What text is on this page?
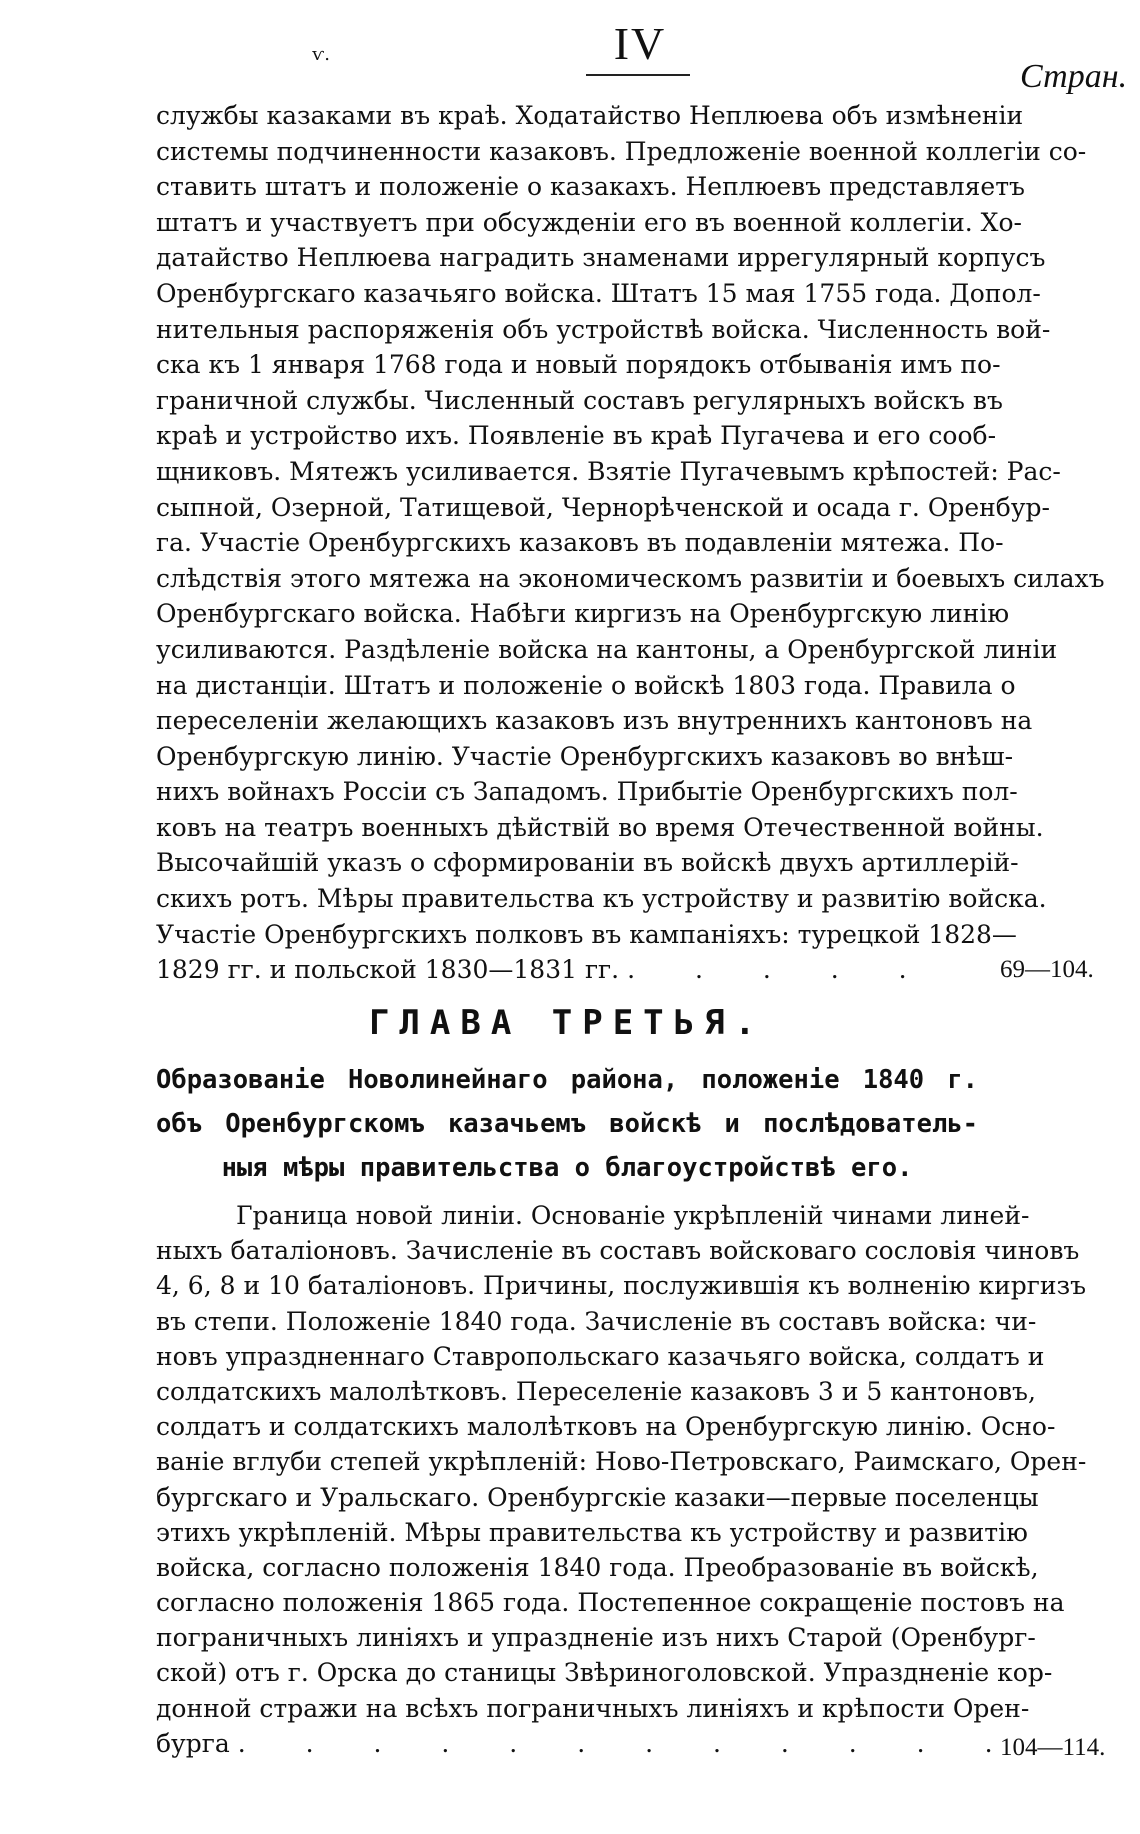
ѵ.	IV
Стран.
службы казаками въ краѣ. Ходатайство Неплюева объ измѣненіи
системы подчиненности казаковъ. Предложеніе военной коллегіи со-
ставить штатъ и положеніе о казакахъ. Неплюевъ представляетъ
штатъ и участвуетъ при обсужденіи его въ военной коллегіи. Хо-
датайство Неплюева наградить знаменами иррегулярный корпусъ
Оренбургскаго казачьяго войска. Штатъ 15 мая 1755 года. Допол-
нительныя распоряженія объ устройствѣ войска. Численность вой-
ска къ 1 января 1768 года и новый порядокъ отбыванія имъ по-
граничной службы. Численный составъ регулярныхъ войскъ въ
краѣ и устройство ихъ. Появленіе въ краѣ Пугачева и его сооб-
щниковъ. Мятежъ усиливается. Взятіе Пугачевымъ крѣпостей: Рас-
сыпной, Озерной, Татищевой, Чернорѣченской и осада г. Оренбур-
га. Участіе Оренбургскихъ казаковъ въ подавленіи мятежа. По-
слѣдствія этого мятежа на экономическомъ развитіи и боевыхъ силахъ
Оренбургскаго войска. Набѣги киргизъ на Оренбургскую линію
усиливаются. Раздѣленіе войска на кантоны, а Оренбургской линіи
на дистанціи. Штатъ и положеніе о войскѣ 1803 года. Правила о
переселеніи желающихъ казаковъ изъ внутреннихъ кантоновъ на
Оренбургскую линію. Участіе Оренбургскихъ казаковъ во внѣш-
нихъ войнахъ Россіи съ Западомъ. Прибытіе Оренбургскихъ пол-
ковъ на театръ военныхъ дѣйствій во время Отечественной войны.
Высочайшій указъ о сформированіи въ войскѣ двухъ артиллерій-
скихъ ротъ. Мѣры правительства къ устройству и развитію войска.
Участіе Оренбургскихъ полковъ въ кампаніяхъ: турецкой 1828—
1829 гг. и польской 1830—1831 гг. . . . . .	69—104.
ГЛАВА ТРЕТЬЯ.
Образованіе Новолинейнаго района, положеніе 1840 г.
объ Оренбургскомъ казачьемъ войскѣ и послѣдователь-
ныя мѣры правительства о благоустройствѣ его.
Граница новой линіи. Основаніе укрѣпленій чинами линей-
ныхъ баталіоновъ. Зачисленіе въ составъ войсковаго сословія чиновъ
4, 6, 8 и 10 баталіоновъ. Причины, послужившія къ волненію киргизъ
въ степи. Положеніе 1840 года. Зачисленіе въ составъ войска: чи-
новъ упраздненнаго Ставропольскаго казачьяго войска, солдатъ и
солдатскихъ малолѣтковъ. Переселеніе казаковъ 3 и 5 кантоновъ,
солдатъ и солдатскихъ малолѣтковъ на Оренбургскую линію. Осно-
ваніе вглуби степей укрѣпленій: Ново-Петровскаго, Раимскаго, Орен-
бургскаго и Уральскаго. Оренбургскіе казаки—первые поселенцы
этихъ укрѣпленій. Мѣры правительства къ устройству и развитію
войска, согласно положенія 1840 года. Преобразованіе въ войскѣ,
согласно положенія 1865 года. Постепенное сокращеніе постовъ на
пограничныхъ линіяхъ и упраздненіе изъ нихъ Старой (Оренбург-
ской) отъ г. Орска до станицы Звѣриноголовской. Упраздненіе кор-
донной стражи на всѣхъ пограничныхъ линіяхъ и крѣпости Орен-
бурга . . . . . . . . . . . .
104—114.
